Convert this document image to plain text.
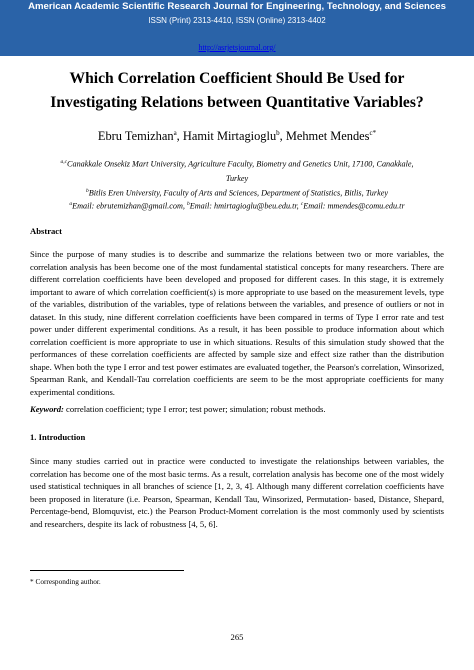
American Academic Scientific Research Journal for Engineering, Technology, and Sciences
ISSN (Print) 2313-4410, ISSN (Online) 2313-4402
http://asrjetsjournal.org/
Which Correlation Coefficient Should Be Used for
Investigating Relations between Quantitative Variables?
Ebru Temizhan$^a$, Hamit Mirtagioglu$^b$, Mehmet Mendes$^{c*}$
$^{a,c}$Canakkale Onsekiz Mart University, Agriculture Faculty, Biometry and Genetics Unit, 17100, Canakkale,
Turkey
$^b$Bitlis Eren University, Faculty of Arts and Sciences, Department of Statistics, Bitlis, Turkey
$^a$Email: ebrutemizhan@gmail.com, $^b$Email: hmirtagioglu@beu.edu.tr, $^c$Email: mmendes@comu.edu.tr
Abstract
Since the purpose of many studies is to describe and summarize the relations between two or more variables, the correlation analysis has been become one of the most fundamental statistical concepts for many researchers. There are different correlation coefficients have been developed and proposed for different cases. In this stage, it is extremely important to aware of which correlation coefficient(s) is more appropriate to use based on the measurement levels, type of the variables, distribution of the variables, type of relations between the variables, and presence of outliers or not in dataset. In this study, nine different correlation coefficients have been compared in terms of Type I error rate and test power under different experimental conditions. As a result, it has been possible to produce information about which correlation coefficient is more appropriate to use in which situations. Results of this simulation study showed that the performances of these correlation coefficients are affected by sample size and effect size rather than the distribution shape. When both the type I error and test power estimates are evaluated together, the Pearson's correlation, Winsorized, Spearman Rank, and Kendall-Tau correlation coefficients are seem to be the most appropriate coefficients for many experimental conditions.
Keyword: correlation coefficient; type I error; test power; simulation; robust methods.
1. Introduction
Since many studies carried out in practice were conducted to investigate the relationships between variables, the correlation has become one of the most basic terms. As a result, correlation analysis has become one of the most widely used statistical techniques in all branches of science [1, 2, 3, 4]. Although many different correlation coefficients have been proposed in literature (i.e. Pearson, Spearman, Kendall Tau, Winsorized, Permutation- based, Distance, Shepard, Percentage-bend, Blomquvist, etc.) the Pearson Product-Moment correlation is the most commonly used by scientists and researchers, despite its lack of robustness [4, 5, 6].
* Corresponding author.
265
